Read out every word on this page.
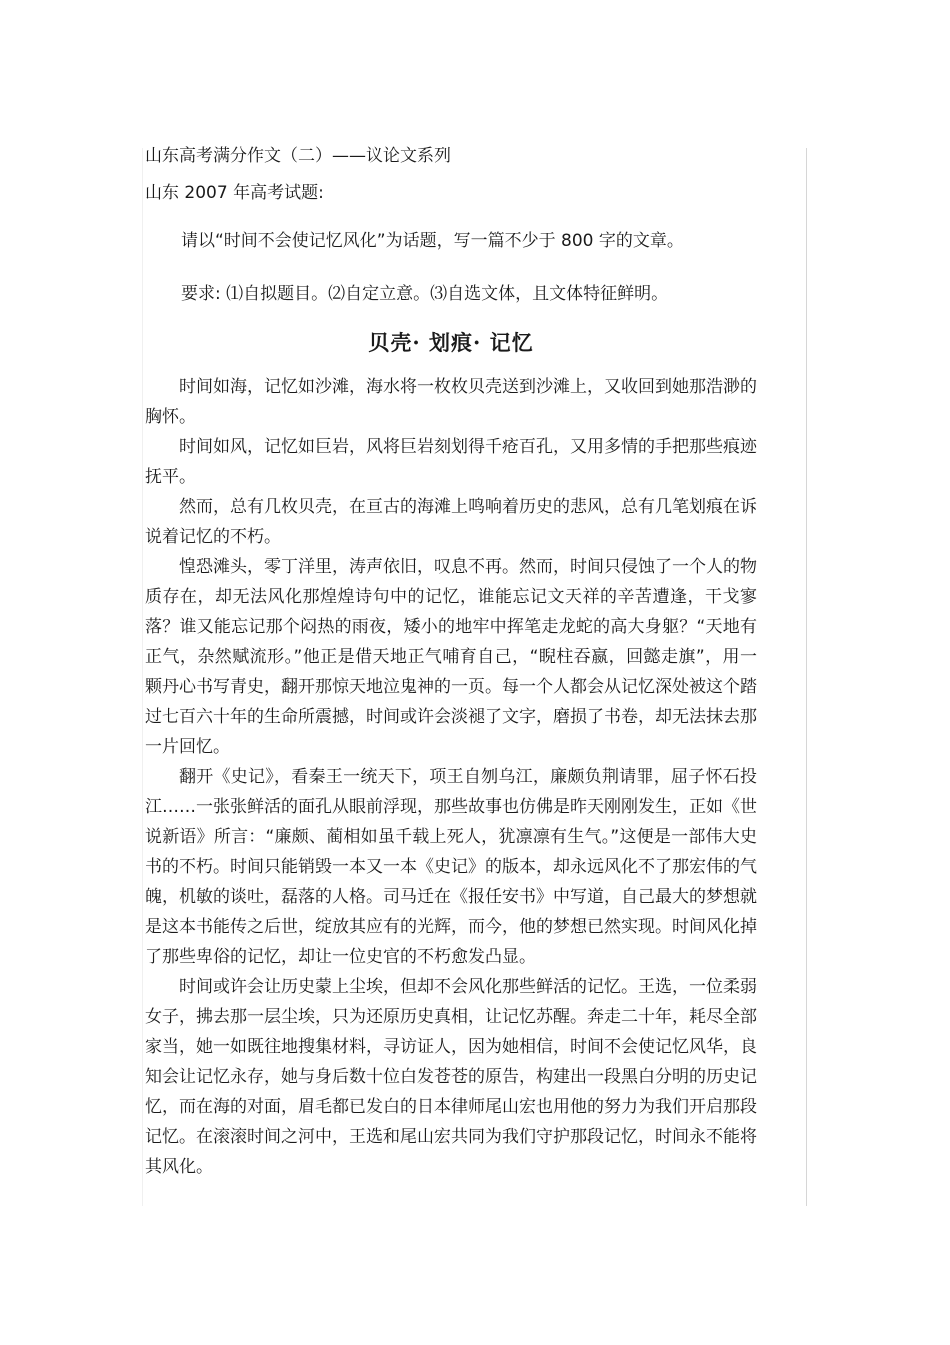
山东高考满分作文（二）——议论文系列

山东 2007 年高考试题:

请以“时间不会使记忆风化”为话题，写一篇不少于 800 字的文章。

要求: ⑴自拟题目。⑵自定立意。⑶自选文体，且文体特征鲜明。

贝壳· 划痕· 记忆

时间如海，记忆如沙滩，海水将一枚枚贝壳送到沙滩上，又收回到她那浩渺的胸怀。

时间如风，记忆如巨岩，风将巨岩刻划得千疮百孔，又用多情的手把那些痕迹抚平。

然而，总有几枚贝壳，在亘古的海滩上鸣响着历史的悲风，总有几笔划痕在诉说着记忆的不朽。

惶恐滩头，零丁洋里，涛声依旧，叹息不再。然而，时间只侵蚀了一个人的物质存在，却无法风化那煌煌诗句中的记忆，谁能忘记文天祥的辛苦遭逢，干戈寥落？谁又能忘记那个闷热的雨夜，矮小的地牢中挥笔走龙蛇的高大身躯？“天地有正气，杂然赋流形。”他正是借天地正气哺育自己，“睨柱吞嬴，回懿走旗”，用一颗丹心书写青史，翻开那惊天地泣鬼神的一页。每一个人都会从记忆深处被这个踏过七百六十年的生命所震撼，时间或许会淡褪了文字，磨损了书卷，却无法抹去那一片回忆。

翻开《史记》，看秦王一统天下，项王自刎乌江，廉颇负荆请罪，屈子怀石投江……一张张鲜活的面孔从眼前浮现，那些故事也仿佛是昨天刚刚发生，正如《世说新语》所言：“廉颇、蔺相如虽千载上死人，犹凛凛有生气。”这便是一部伟大史书的不朽。时间只能销毁一本又一本《史记》的版本，却永远风化不了那宏伟的气魄，机敏的谈吐，磊落的人格。司马迁在《报任安书》中写道，自己最大的梦想就是这本书能传之后世，绽放其应有的光辉，而今，他的梦想已然实现。时间风化掉了那些卑俗的记忆，却让一位史官的不朽愈发凸显。

时间或许会让历史蒙上尘埃，但却不会风化那些鲜活的记忆。王选，一位柔弱女子，拂去那一层尘埃，只为还原历史真相，让记忆苏醒。奔走二十年，耗尽全部家当，她一如既往地搜集材料，寻访证人，因为她相信，时间不会使记忆风华，良知会让记忆永存，她与身后数十位白发苍苍的原告，构建出一段黑白分明的历史记忆，而在海的对面，眉毛都已发白的日本律师尾山宏也用他的努力为我们开启那段记忆。在滚滚时间之河中，王选和尾山宏共同为我们守护那段记忆，时间永不能将其风化。
